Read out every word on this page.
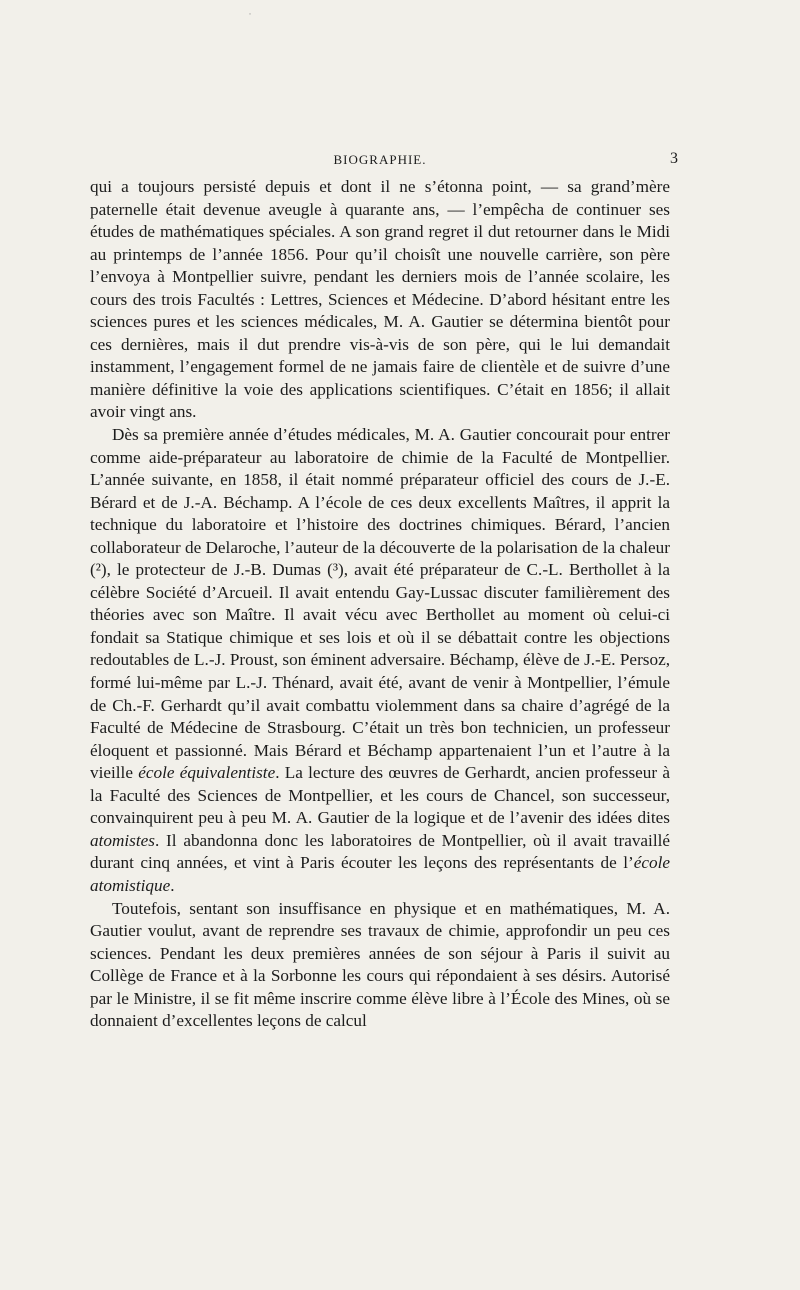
˙
BIOGRAPHIE.	3

qui a toujours persisté depuis et dont il ne s’étonna point, — sa grand’mère paternelle était devenue aveugle à quarante ans, — l’empêcha de continuer ses études de mathématiques spéciales. A son grand regret il dut retourner dans le Midi au printemps de l’année 1856. Pour qu’il choisît une nouvelle carrière, son père l’envoya à Montpellier suivre, pendant les derniers mois de l’année scolaire, les cours des trois Facultés : Lettres, Sciences et Médecine. D’abord hésitant entre les sciences pures et les sciences médicales, M. A. Gautier se détermina bientôt pour ces dernières, mais il dut prendre vis-à-vis de son père, qui le lui demandait instamment, l’engagement formel de ne jamais faire de clientèle et de suivre d’une manière définitive la voie des applications scientifiques. C’était en 1856; il allait avoir vingt ans.

Dès sa première année d’études médicales, M. A. Gautier concourait pour entrer comme aide-préparateur au laboratoire de chimie de la Faculté de Montpellier. L’année suivante, en 1858, il était nommé préparateur officiel des cours de J.-E. Bérard et de J.-A. Béchamp. A l’école de ces deux excellents Maîtres, il apprit la technique du laboratoire et l’histoire des doctrines chimiques. Bérard, l’ancien collaborateur de Delaroche, l’auteur de la découverte de la polarisation de la chaleur (²), le protecteur de J.-B. Dumas (³), avait été préparateur de C.-L. Berthollet à la célèbre Société d’Arcueil. Il avait entendu Gay-Lussac discuter familièrement des théories avec son Maître. Il avait vécu avec Berthollet au moment où celui-ci fondait sa Statique chimique et ses lois et où il se débattait contre les objections redoutables de L.-J. Proust, son éminent adversaire. Béchamp, élève de J.-E. Persoz, formé lui-même par L.-J. Thénard, avait été, avant de venir à Montpellier, l’émule de Ch.-F. Gerhardt qu’il avait combattu violemment dans sa chaire d’agrégé de la Faculté de Médecine de Strasbourg. C’était un très bon technicien, un professeur éloquent et passionné. Mais Bérard et Béchamp appartenaient l’un et l’autre à la vieille école équivalentiste. La lecture des œuvres de Gerhardt, ancien professeur à la Faculté des Sciences de Montpellier, et les cours de Chancel, son successeur, convainquirent peu à peu M. A. Gautier de la logique et de l’avenir des idées dites atomistes. Il abandonna donc les laboratoires de Montpellier, où il avait travaillé durant cinq années, et vint à Paris écouter les leçons des représentants de l’école atomistique.

Toutefois, sentant son insuffisance en physique et en mathématiques, M. A. Gautier voulut, avant de reprendre ses travaux de chimie, approfondir un peu ces sciences. Pendant les deux premières années de son séjour à Paris il suivit au Collège de France et à la Sorbonne les cours qui répondaient à ses désirs. Autorisé par le Ministre, il se fit même inscrire comme élève libre à l’École des Mines, où se donnaient d’excellentes leçons de calcul
